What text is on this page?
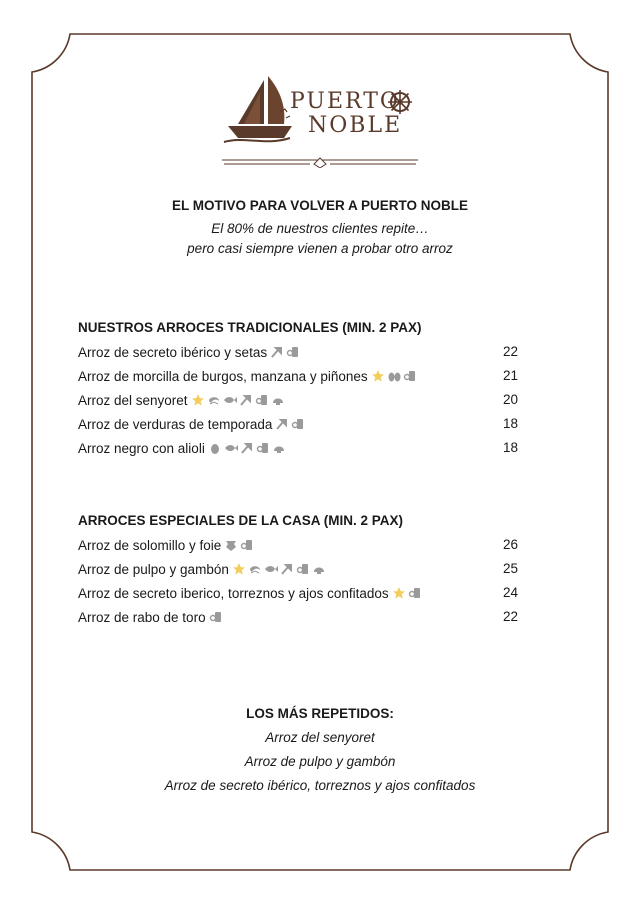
PUERTO
NOBLE
EL MOTIVO PARA VOLVER A PUERTO NOBLE
El 80% de nuestros clientes repite…
pero casi siempre vienen a probar otro arroz
NUESTROS ARROCES TRADICIONALES (MIN. 2 PAX)
Arroz de secreto ibérico y setas	22
Arroz de morcilla de burgos, manzana y piñones	21
Arroz del senyoret	20
Arroz de verduras de temporada	18
Arroz negro con alioli	18
ARROCES ESPECIALES DE LA CASA (MIN. 2 PAX)
Arroz de solomillo y foie	26
Arroz de pulpo y gambón	25
Arroz de secreto iberico, torreznos y ajos confitados	24
Arroz de rabo de toro	22
LOS MÁS REPETIDOS:
Arroz del senyoret
Arroz de pulpo y gambón
Arroz de secreto ibérico, torreznos y ajos confitados
